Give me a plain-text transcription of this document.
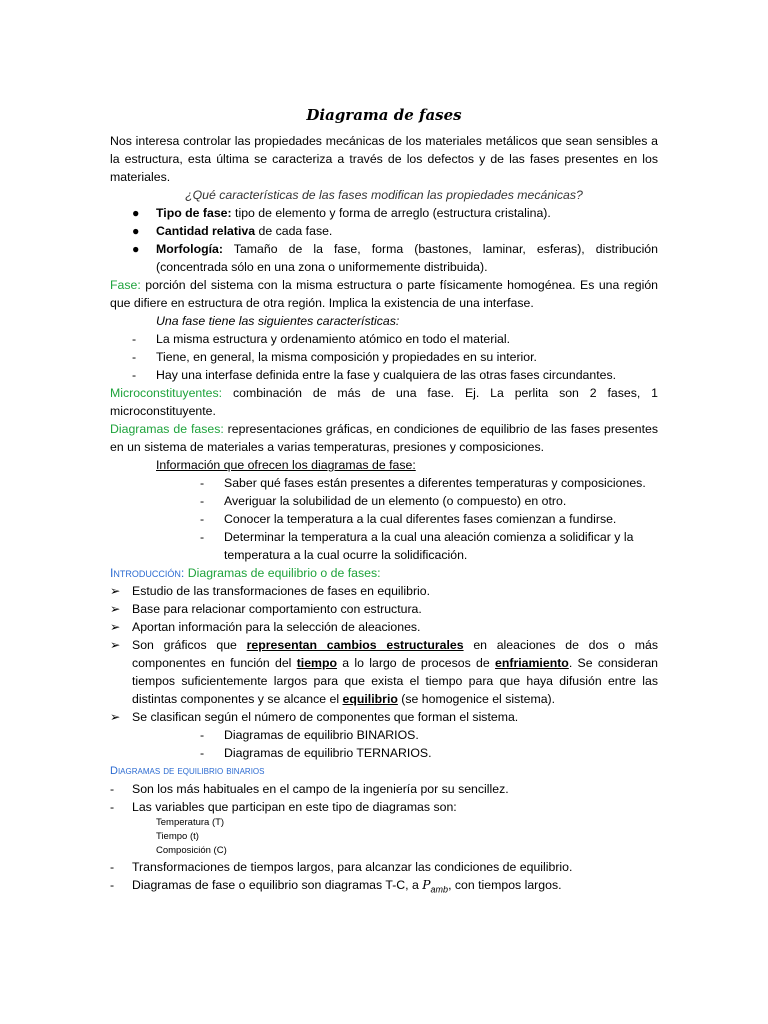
Diagrama de fases

Nos interesa controlar las propiedades mecánicas de los materiales metálicos que sean sensibles a la estructura, esta última se caracteriza a través de los defectos y de las fases presentes en los materiales.

¿Qué características de las fases modifican las propiedades mecánicas?

● Tipo de fase: tipo de elemento y forma de arreglo (estructura cristalina).
● Cantidad relativa de cada fase.
● Morfología: Tamaño de la fase, forma (bastones, laminar, esferas), distribución (concentrada sólo en una zona o uniformemente distribuida).

Fase: porción del sistema con la misma estructura o parte físicamente homogénea. Es una región que difiere en estructura de otra región. Implica la existencia de una interfase.

Una fase tiene las siguientes características:

- La misma estructura y ordenamiento atómico en todo el material.
- Tiene, en general, la misma composición y propiedades en su interior.
- Hay una interfase definida entre la fase y cualquiera de las otras fases circundantes.

Microconstituyentes: combinación de más de una fase. Ej. La perlita son 2 fases, 1 microconstituyente.

Diagramas de fases: representaciones gráficas, en condiciones de equilibrio de las fases presentes en un sistema de materiales a varias temperaturas, presiones y composiciones.

Información que ofrecen los diagramas de fase:

- Saber qué fases están presentes a diferentes temperaturas y composiciones.
- Averiguar la solubilidad de un elemento (o compuesto) en otro.
- Conocer la temperatura a la cual diferentes fases comienzan a fundirse.
- Determinar la temperatura a la cual una aleación comienza a solidificar y la temperatura a la cual ocurre la solidificación.

Introducción: Diagramas de equilibrio o de fases:

➢ Estudio de las transformaciones de fases en equilibrio.
➢ Base para relacionar comportamiento con estructura.
➢ Aportan información para la selección de aleaciones.
➢ Son gráficos que representan cambios estructurales en aleaciones de dos o más componentes en función del tiempo a lo largo de procesos de enfriamiento. Se consideran tiempos suficientemente largos para que exista el tiempo para que haya difusión entre las distintas componentes y se alcance el equilibrio (se homogenice el sistema).
➢ Se clasifican según el número de componentes que forman el sistema.
- Diagramas de equilibrio BINARIOS.
- Diagramas de equilibrio TERNARIOS.

Diagramas de equilibrio binarios

- Son los más habituales en el campo de la ingeniería por su sencillez.
- Las variables que participan en este tipo de diagramas son:

Temperatura (T)

Tiempo (t)

Composición (C)

- Transformaciones de tiempos largos, para alcanzar las condiciones de equilibrio.
- Diagramas de fase o equilibrio son diagramas T-C, a $P_{amb}$, con tiempos largos.
